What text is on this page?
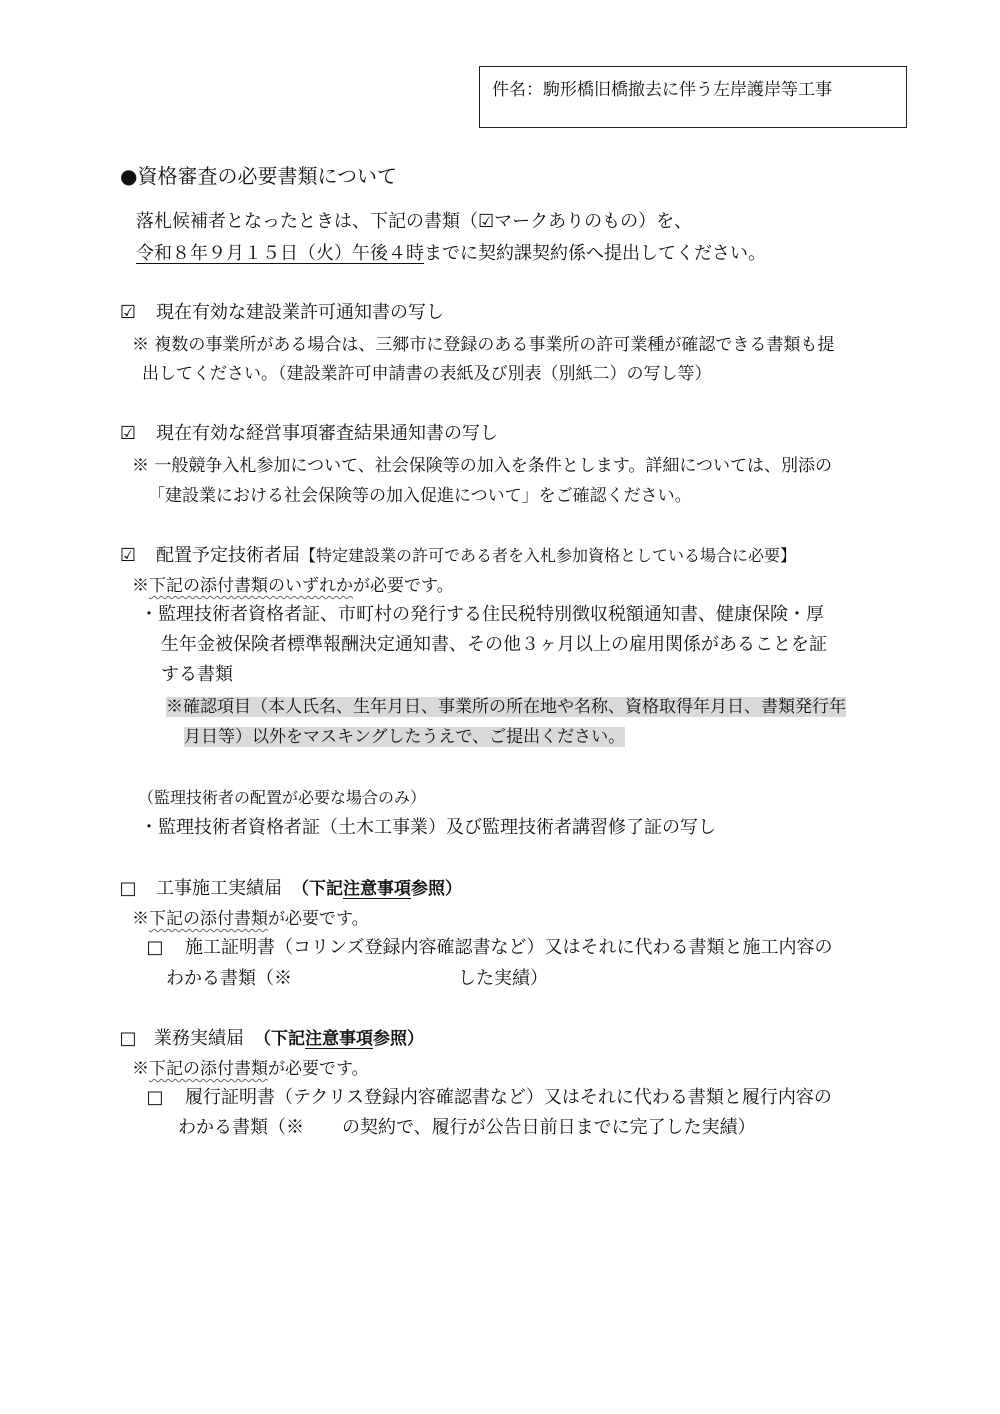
件名：駒形橋旧橋撤去に伴う左岸護岸等工事
●資格審査の必要書類について
落札候補者となったときは、下記の書類（☑マークありのもの）を、
令和８年９月１５日（火）午後４時までに契約課契約係へ提出してください。
☑ 現在有効な建設業許可通知書の写し
※ 複数の事業所がある場合は、三郷市に登録のある事業所の許可業種が確認できる書類も提
出してください。（建設業許可申請書の表紙及び別表（別紙二）の写し等）
☑ 現在有効な経営事項審査結果通知書の写し
※ 一般競争入札参加について、社会保険等の加入を条件とします。詳細については、別添の
「建設業における社会保険等の加入促進について」をご確認ください。
☑ 配置予定技術者届【特定建設業の許可である者を入札参加資格としている場合に必要】
※下記の添付書類のいずれかが必要です。
・監理技術者資格者証、市町村の発行する住民税特別徴収税額通知書、健康保険・厚
生年金被保険者標準報酬決定通知書、その他３ヶ月以上の雇用関係があることを証
する書類
※確認項目（本人氏名、生年月日、事業所の所在地や名称、資格取得年月日、書類発行年
月日等）以外をマスキングしたうえで、ご提出ください。
（監理技術者の配置が必要な場合のみ）
・監理技術者資格者証（土木工事業）及び監理技術者講習修了証の写し
□ 工事施工実績届 （下記注意事項参照）
※下記の添付書類が必要です。
□ 施工証明書（コリンズ登録内容確認書など）又はそれに代わる書類と施工内容の
わかる書類（※	した実績）
□ 業務実績届 （下記注意事項参照）
※下記の添付書類が必要です。
□ 履行証明書（テクリス登録内容確認書など）又はそれに代わる書類と履行内容の
わかる書類（※ の契約で、履行が公告日前日までに完了した実績）
